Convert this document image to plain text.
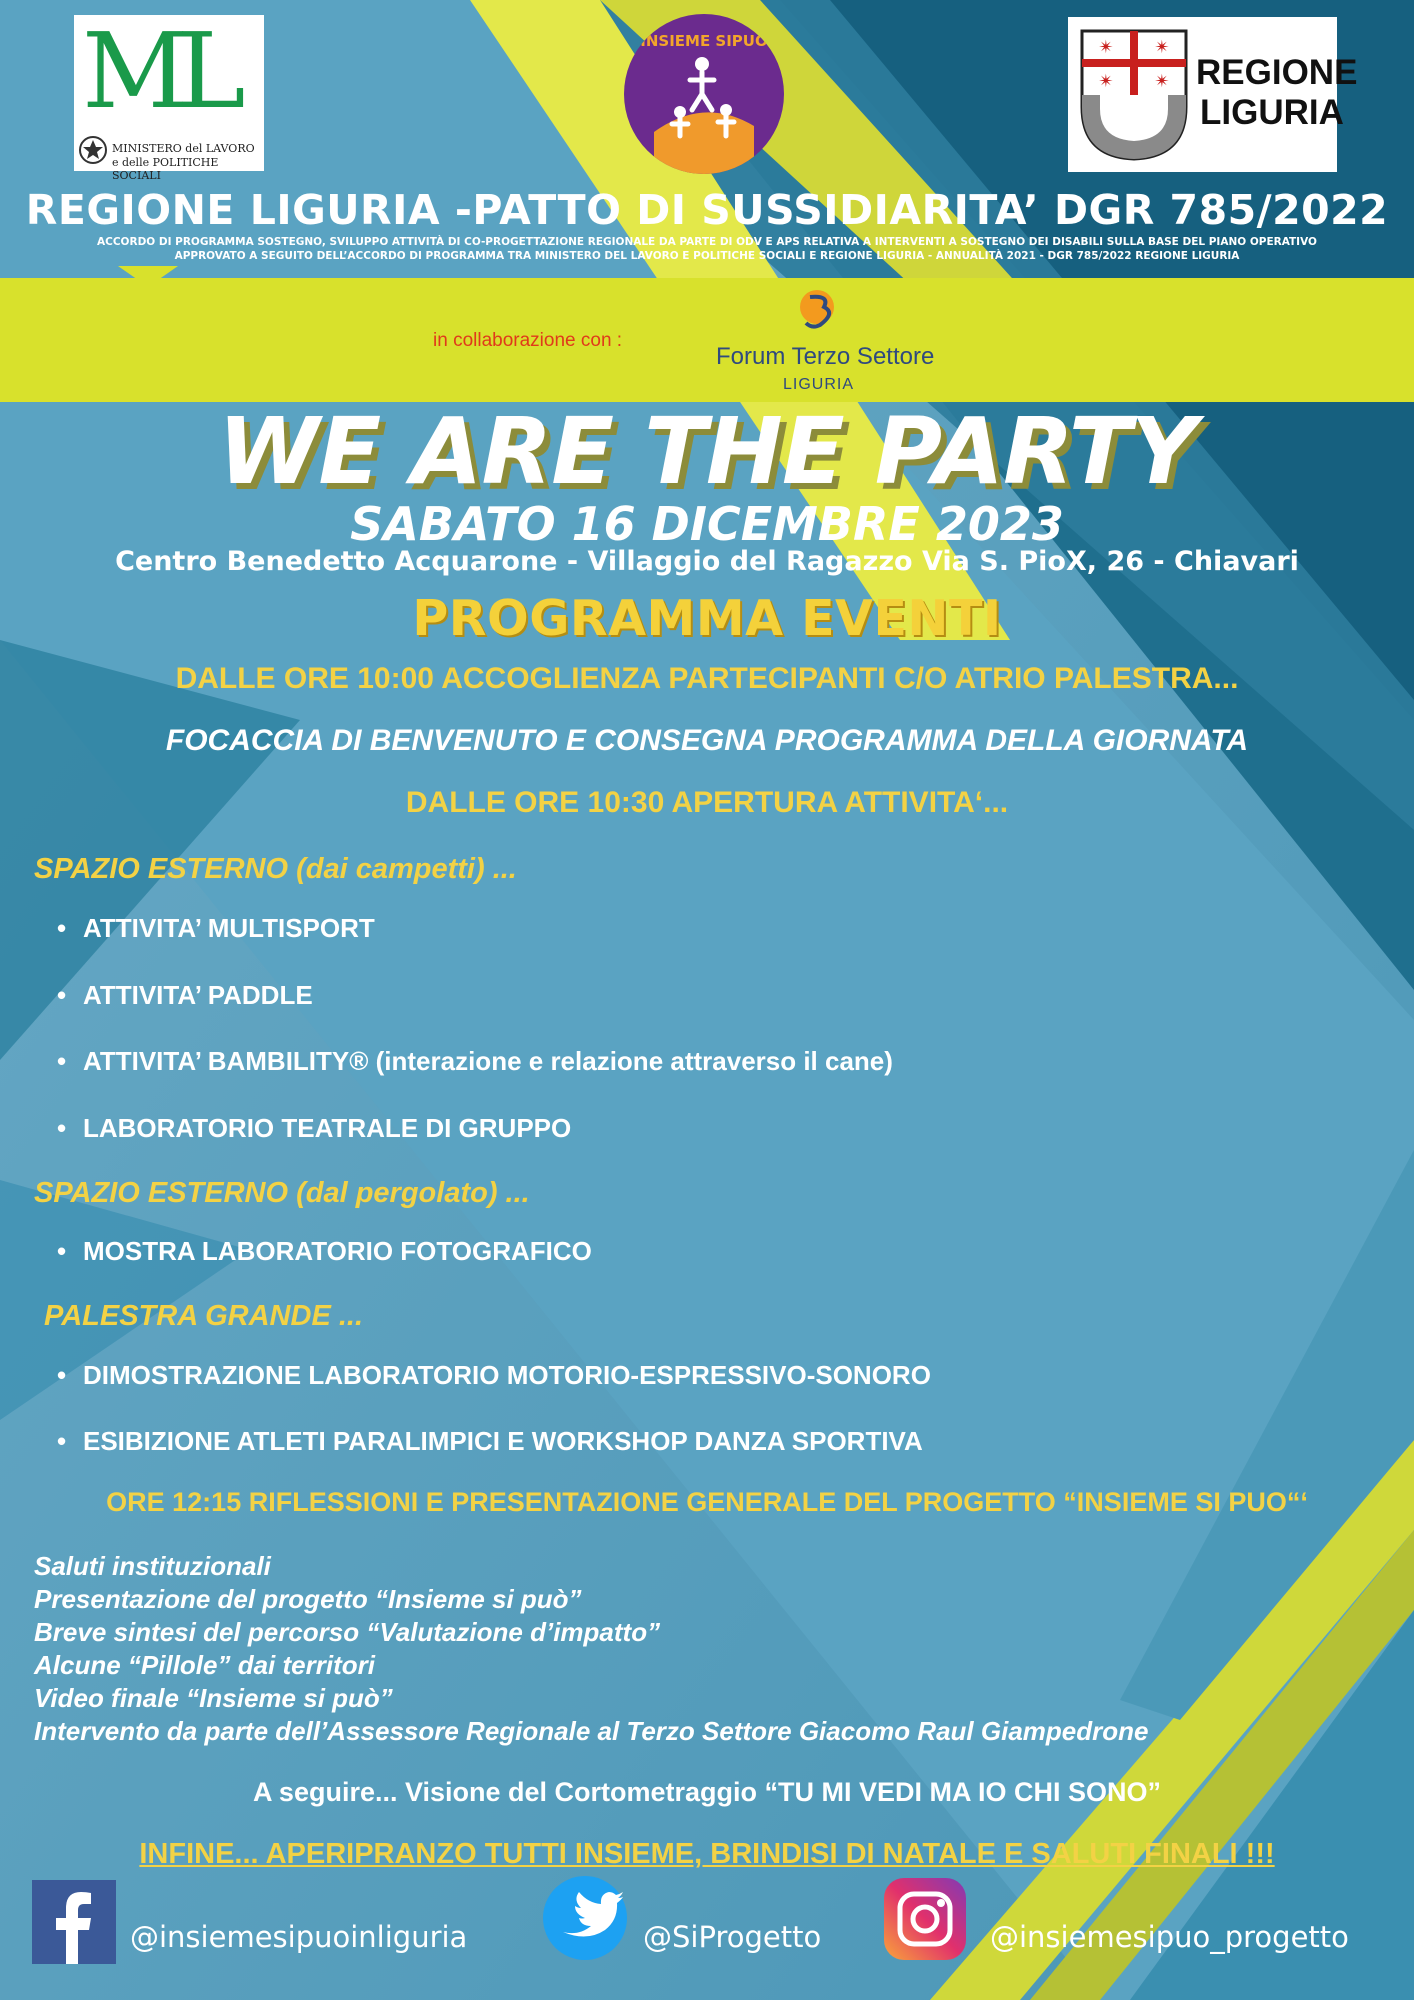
ML
MINISTERO del LAVORO
e delle POLITICHE SOCIALI
INSIEME SIPUO	✴ ✴
✴ ✴ REGIONE
LIGURIA
REGIONE LIGURIA -PATTO DI SUSSIDIARITA’ DGR 785/2022
ACCORDO DI PROGRAMMA SOSTEGNO, SVILUPPO ATTIVITÀ DI CO-PROGETTAZIONE REGIONALE DA PARTE DI ODV E APS RELATIVA A INTERVENTI A SOSTEGNO DEI DISABILI SULLA BASE DEL PIANO OPERATIVO
APPROVATO A SEGUITO DELL’ACCORDO DI PROGRAMMA TRA MINISTERO DEL LAVORO E POLITICHE SOCIALI E REGIONE LIGURIA - ANNUALITÀ 2021 - DGR 785/2022 REGIONE LIGURIA
in collaborazione con :
Forum Terzo Settore
LIGURIA
WE ARE THE PARTY
SABATO 16 DICEMBRE 2023
Centro Benedetto Acquarone - Villaggio del Ragazzo Via S. PioX, 26 - Chiavari
PROGRAMMA EVENTI
DALLE ORE 10:00 ACCOGLIENZA PARTECIPANTI C/O ATRIO PALESTRA...
FOCACCIA DI BENVENUTO E CONSEGNA PROGRAMMA DELLA GIORNATA
DALLE ORE 10:30 APERTURA ATTIVITA‘...
SPAZIO ESTERNO (dai campetti) ...
• ATTIVITA’ MULTISPORT
• ATTIVITA’ PADDLE
• ATTIVITA’ BAMBILITY® (interazione e relazione attraverso il cane)
• LABORATORIO TEATRALE DI GRUPPO
SPAZIO ESTERNO (dal pergolato) ...
• MOSTRA LABORATORIO FOTOGRAFICO
PALESTRA GRANDE ...
• DIMOSTRAZIONE LABORATORIO MOTORIO-ESPRESSIVO-SONORO
• ESIBIZIONE ATLETI PARALIMPICI E WORKSHOP DANZA SPORTIVA
ORE 12:15 RIFLESSIONI E PRESENTAZIONE GENERALE DEL PROGETTO “INSIEME SI PUO“‘
Saluti instituzionali
Presentazione del progetto “Insieme si può”
Breve sintesi del percorso “Valutazione d’impatto”
Alcune “Pillole” dai territori
Video finale “Insieme si può”
Intervento da parte dell’Assessore Regionale al Terzo Settore Giacomo Raul Giampedrone
A seguire... Visione del Cortometraggio “TU MI VEDI MA IO CHI SONO”
INFINE... APERIPRANZO TUTTI INSIEME, BRINDISI DI NATALE E SALUTI FINALI !!!
@insiemesipuoinliguria	@SiProgetto	@insiemesipuo_progetto
